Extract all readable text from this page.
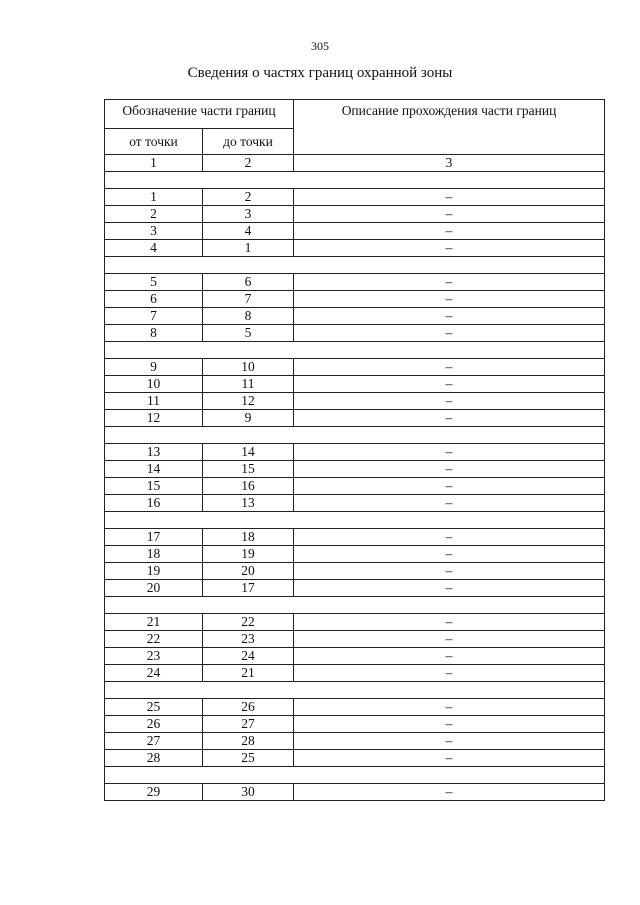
305
Сведения о частях границ охранной зоны
Обозначение части границ		Описание прохождения части границ
от точки	до точки	
1	2	3

1	2	–
2	3	–
3	4	–
4	1	–

5	6	–
6	7	–
7	8	–
8	5	–

9	10	–
10	11	–
11	12	–
12	9	–

13	14	–
14	15	–
15	16	–
16	13	–

17	18	–
18	19	–
19	20	–
20	17	–

21	22	–
22	23	–
23	24	–
24	21	–

25	26	–
26	27	–
27	28	–
28	25	–

29	30	–
